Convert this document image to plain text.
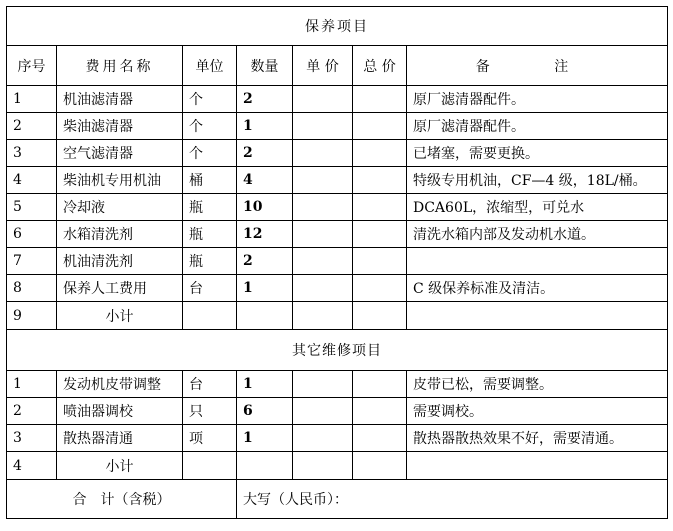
保养项目						
序号	费用名称	单位	数量	单 价	总 价	备 注
1	机油滤清器	个	2			原厂滤清器配件。
2	柴油滤清器	个	1			原厂滤清器配件。
3	空气滤清器	个	2			已堵塞，需要更换。
4	柴油机专用机油	桶	4			特级专用机油，CF—4 级，18L/桶。
5	冷却液	瓶	10			DCA60L，浓缩型，可兑水
6	水箱清洗剂	瓶	12			清洗水箱内部及发动机水道。
7	机油清洗剂	瓶	2			
8	保养人工费用	台	1			C 级保养标准及清洁。
9	小计					
其它维修项目						
1	发动机皮带调整	台	1			皮带已松，需要调整。
2	喷油器调校	只	6			需要调校。
3	散热器清通	项	1			散热器散热效果不好，需要清通。
4	小计					
合　计（含税）			大写（人民币）：			
